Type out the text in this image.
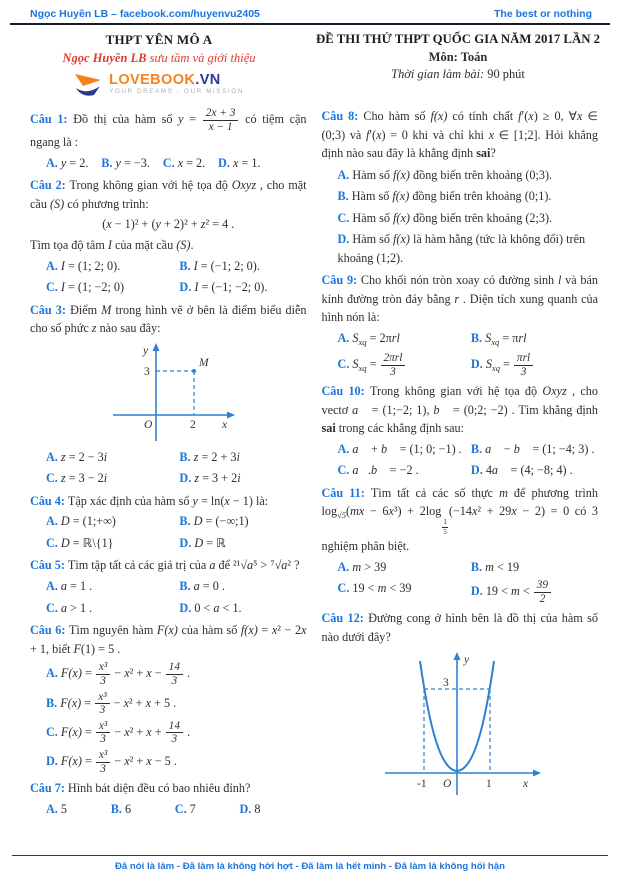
Ngọc Huyền LB – facebook.com/huyenvu2405	The best or nothing
THPT YÊN MÔ A
Ngọc Huyền LB sưu tầm và giới thiệu
LOVEBOOK.VN
YOUR DREAMS - OUR MISSION
ĐỀ THI THỬ THPT QUỐC GIA NĂM 2017 LẦN 2
Môn: Toán
Thời gian làm bài: 90 phút
Câu 1: Đồ thị của hàm số $y = \frac{2x + 3}{x - 1}$ có tiệm cận ngang là :
A. y = 2. B. y = −3. C. x = 2. D. x = 1.
Câu 2: Trong không gian với hệ tọa độ Oxyz , cho mặt cầu (S) có phương trình:
(x − 1)² + (y + 2)² + z² = 4 .
Tìm tọa độ tâm I của mặt cầu (S).
A. I = (1; 2; 0).	B. I = (−1; 2; 0).
C. I = (1; −2; 0)	D. I = (−1; −2; 0).
Câu 3: Điểm M trong hình vẽ ở bên là điểm biểu diễn cho số phức z nào sau đây:
y
3
M
O	2 x
A. z = 2 − 3i	B. z = 2 + 3i
C. z = 3 − 2i	D. z = 3 + 2i
Câu 4: Tập xác định của hàm số y = ln(x − 1) là:
A. D = (1;+∞)	B. D = (−∞;1)
C. D = ℝ\{1}	D. D = ℝ
Câu 5: Tìm tập tất cả các giá trị của a để ²¹√a⁵ > ⁷√a² ?
A. a = 1 .	B. a = 0 .
C. a > 1 .	D. 0 < a < 1.
Câu 6: Tìm nguyên hàm F(x) của hàm số f(x) = x² − 2x + 1, biết F(1) = 5 .
A. $F(x) = \frac{\text{x³}}{3} - x^2 + x - \frac{14}{3}$ .
B. $F(x) = \frac{\text{x³}}{3} - x^2 + x + 5$ .
C. $F(x) = \frac{\text{x³}}{3} - x^2 + x + \frac{14}{3}$ .
D. $F(x) = \frac{\text{x³}}{3} - x^2 + x - 5$ .
Câu 7: Hình bát diện đều có bao nhiêu đỉnh?
A. 5	B. 6	C. 7	D. 8
Câu 8: Cho hàm số f(x) có tính chất f′(x) ≥ 0, ∀x ∈ (0;3) và f′(x) = 0 khi và chỉ khi x ∈ [1;2]. Hỏi khẳng định nào sau đây là khẳng định sai?
A. Hàm số f(x) đồng biến trên khoảng (0;3).
B. Hàm số f(x) đồng biến trên khoảng (0;1).
C. Hàm số f(x) đồng biến trên khoảng (2;3).
D. Hàm số f(x) là hàm hằng (tức là không đổi) trên khoảng (1;2).
Câu 9: Cho khối nón tròn xoay có đường sinh l và bán kính đường tròn đáy bằng r . Diện tích xung quanh của hình nón là:
A. $S_{xq} = 2\pi rl$	B. $S_{xq} = \pi rl$
C. $S_{xq} = \frac{\text{2πrl}}{3}$	D. $S_{xq} = \frac{\text{πrl}}{3}$
Câu 10: Trong không gian với hệ tọa độ Oxyz , cho vectơ a⃗ = (1;−2; 1), b⃗ = (0;2; −2) . Tìm khẳng định sai trong các khẳng định sau:
A. a⃗ + b⃗ = (1; 0; −1) . B. a⃗ − b⃗ = (1; −4; 3) .
C. a⃗.b⃗ = −2 .	D. 4a⃗ = (4; −8; 4) .
Câu 11: Tìm tất cả các số thực m để phương trình $\log_{√5}(mx - 6x^3) + 2\log$
$\frac{1}{5}$
(−14x² + 29x − 2) = 0 có 3 nghiệm phân biệt.
A. m > 39	B. m < 19
C. 19 < m < 39	D. $19 < m < \frac{39}{2}$
Câu 12: Đường cong ở hình bên là đồ thị của hàm số nào dưới đây?
y
3
-1 O	1	x
Đã nói là làm - Đã làm là không hời hợt - Đã làm là hết mình - Đã làm là không hối hận
